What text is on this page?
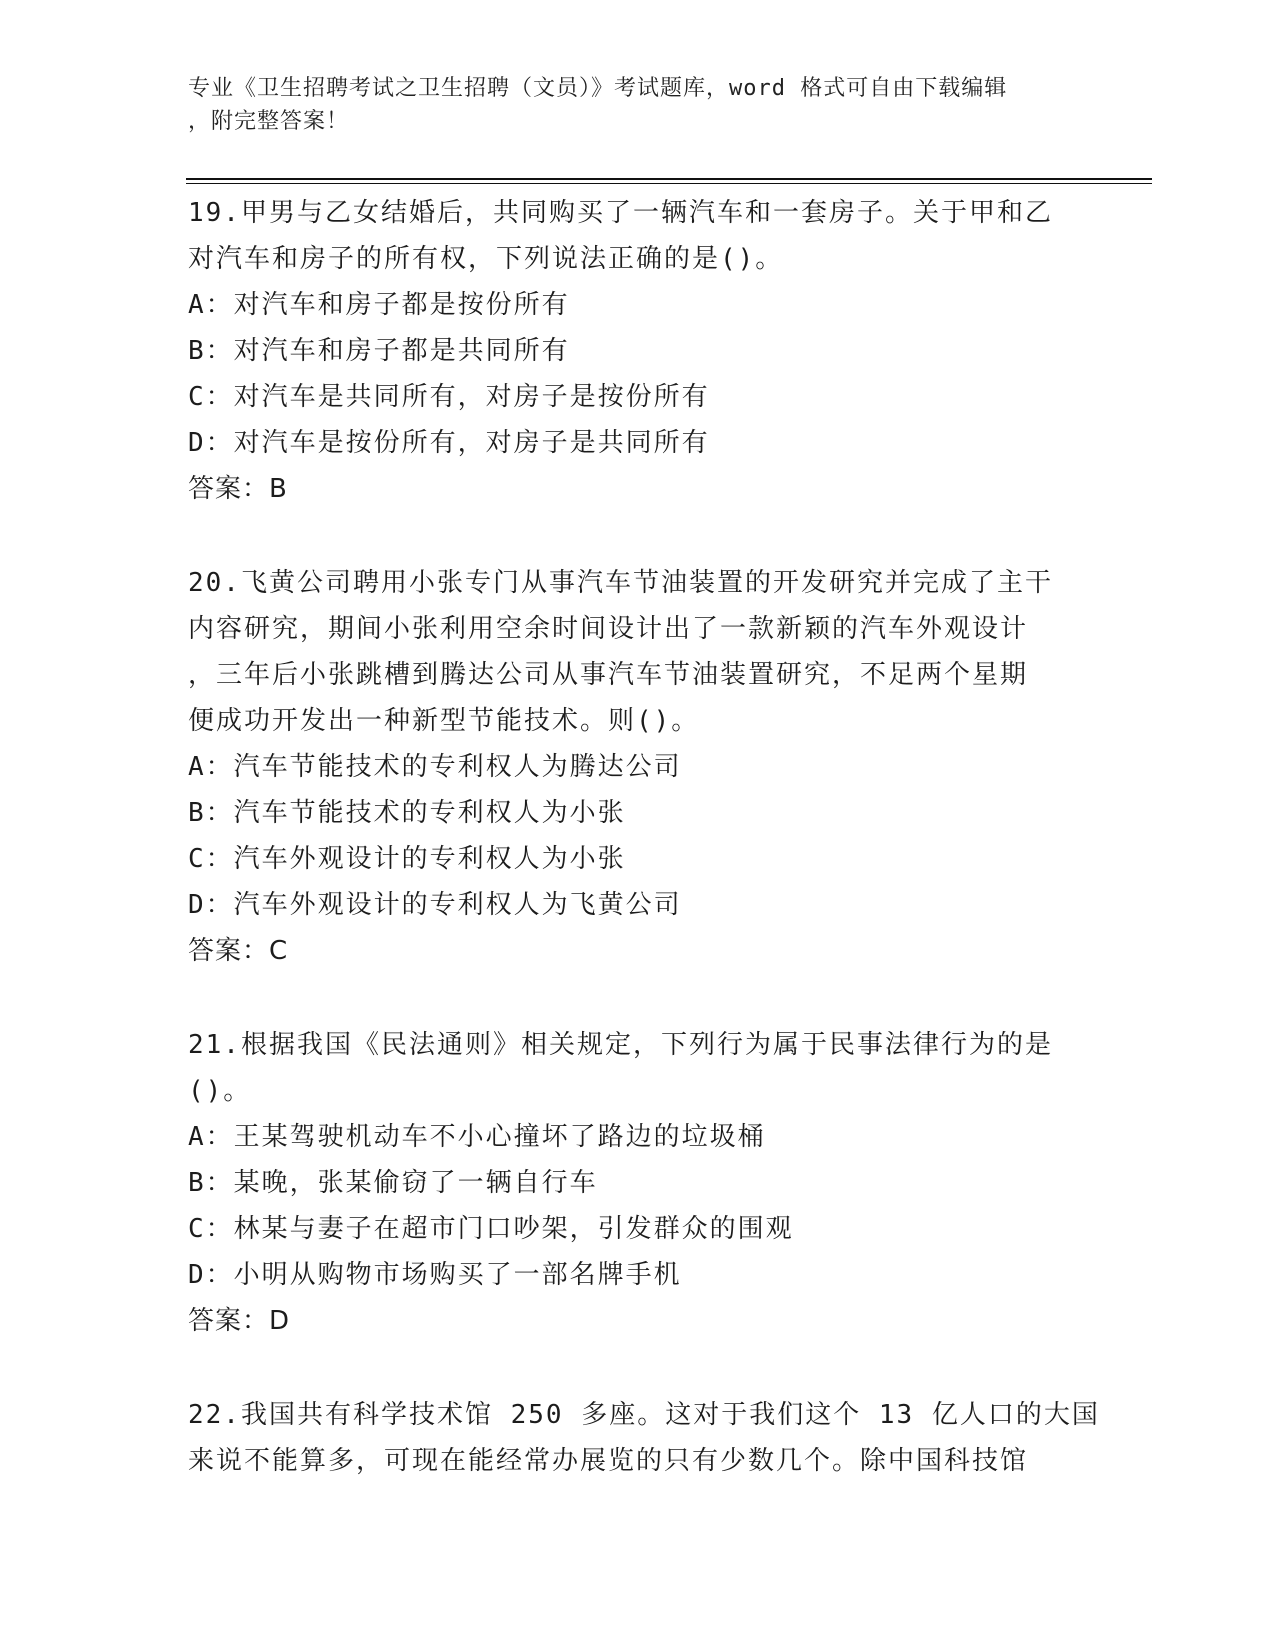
专业《卫生招聘考试之卫生招聘（文员）》考试题库，word 格式可自由下载编辑
，附完整答案！
19.甲男与乙女结婚后，共同购买了一辆汽车和一套房子。关于甲和乙
对汽车和房子的所有权，下列说法正确的是()。
A：对汽车和房子都是按份所有
B：对汽车和房子都是共同所有
C：对汽车是共同所有，对房子是按份所有
D：对汽车是按份所有，对房子是共同所有
答案：B
20.飞黄公司聘用小张专门从事汽车节油装置的开发研究并完成了主干
内容研究，期间小张利用空余时间设计出了一款新颖的汽车外观设计
，三年后小张跳槽到腾达公司从事汽车节油装置研究，不足两个星期
便成功开发出一种新型节能技术。则()。
A：汽车节能技术的专利权人为腾达公司
B：汽车节能技术的专利权人为小张
C：汽车外观设计的专利权人为小张
D：汽车外观设计的专利权人为飞黄公司
答案：C
21.根据我国《民法通则》相关规定，下列行为属于民事法律行为的是
()。
A：王某驾驶机动车不小心撞坏了路边的垃圾桶
B：某晚，张某偷窃了一辆自行车
C：林某与妻子在超市门口吵架，引发群众的围观
D：小明从购物市场购买了一部名牌手机
答案：D
22.我国共有科学技术馆 250 多座。这对于我们这个 13 亿人口的大国
来说不能算多，可现在能经常办展览的只有少数几个。除中国科技馆
